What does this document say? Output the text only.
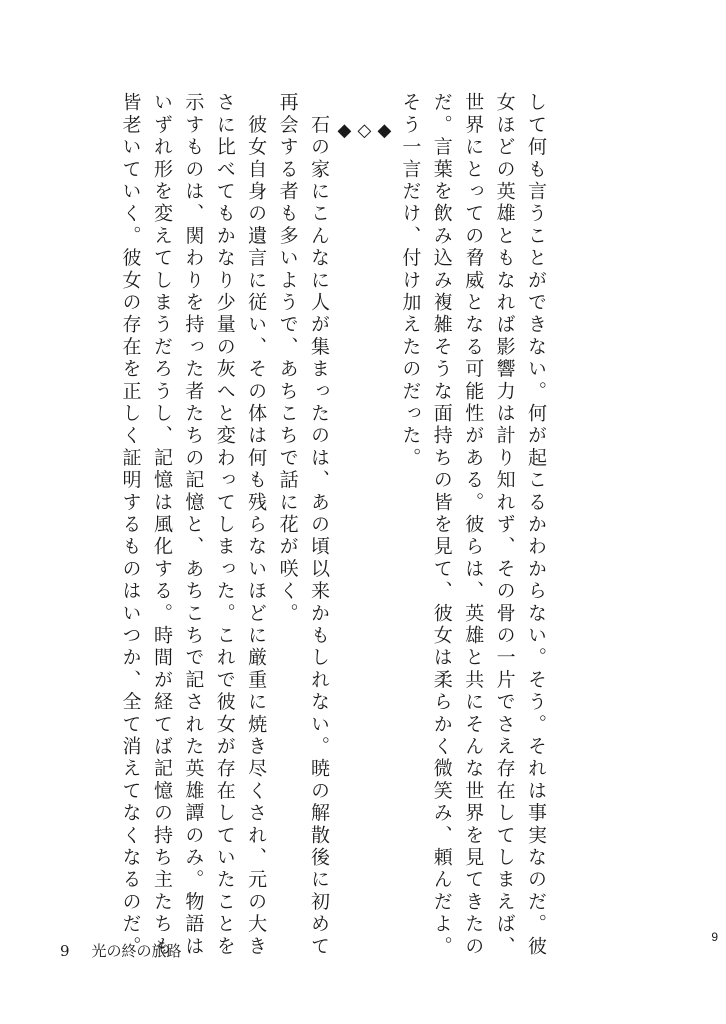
して何も言うことができない。何が起こるかわからない。そう。それは事実なのだ。彼

女ほどの英雄ともなれば影響力は計り知れず、その骨の一片でさえ存在してしまえば、

世界にとっての脅威となる可能性がある。彼らは、英雄と共にそんな世界を見てきたの

だ。言葉を飲み込み複雑そうな面持ちの皆を見て、彼女は柔らかく微笑み、頼んだよ。

そう一言だけ、付け加えたのだった。

◆
◇
◆

　石の家にこんなに人が集まったのは、あの頃以来かもしれない。暁の解散後に初めて

再会する者も多いようで、あちこちで話に花が咲く。

　彼女自身の遺言に従い、その体は何も残らないほどに厳重に焼き尽くされ、元の大き

さに比べてもかなり少量の灰へと変わってしまった。これで彼女が存在していたことを

示すものは、関わりを持った者たちの記憶と、あちこちで記された英雄譚のみ。物語は

いずれ形を変えてしまうだろうし、記憶は風化する。時間が経てば記憶の持ち主たちも

皆老いていく。彼女の存在を正しく証明するものはいつか、全て消えてなくなるのだ。	9
9 光の終の旅路
